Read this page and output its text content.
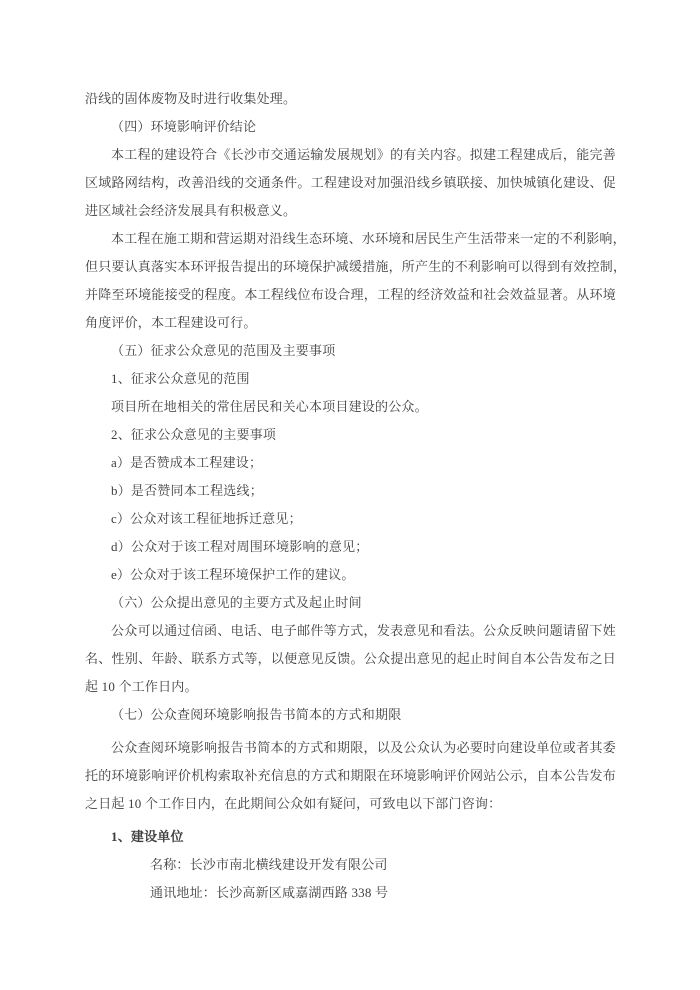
沿线的固体废物及时进行收集处理。
（四）环境影响评价结论
本工程的建设符合《长沙市交通运输发展规划》的有关内容。拟建工程建成后，能完善
区域路网结构，改善沿线的交通条件。工程建设对加强沿线乡镇联接、加快城镇化建设、促
进区域社会经济发展具有积极意义。
本工程在施工期和营运期对沿线生态环境、水环境和居民生产生活带来一定的不利影响，
但只要认真落实本环评报告提出的环境保护减缓措施，所产生的不利影响可以得到有效控制，
并降至环境能接受的程度。本工程线位布设合理，工程的经济效益和社会效益显著。从环境
角度评价，本工程建设可行。
（五）征求公众意见的范围及主要事项
1、征求公众意见的范围
项目所在地相关的常住居民和关心本项目建设的公众。
2、征求公众意见的主要事项
a）是否赞成本工程建设；
b）是否赞同本工程选线；
c）公众对该工程征地拆迁意见；
d）公众对于该工程对周围环境影响的意见；
e）公众对于该工程环境保护工作的建议。
（六）公众提出意见的主要方式及起止时间
公众可以通过信函、电话、电子邮件等方式，发表意见和看法。公众反映问题请留下姓
名、性别、年龄、联系方式等，以便意见反馈。公众提出意见的起止时间自本公告发布之日
起 10 个工作日内。
（七）公众查阅环境影响报告书简本的方式和期限
公众查阅环境影响报告书简本的方式和期限，以及公众认为必要时向建设单位或者其委
托的环境影响评价机构索取补充信息的方式和期限在环境影响评价网站公示，自本公告发布
之日起 10 个工作日内，在此期间公众如有疑问，可致电以下部门咨询：
1、建设单位
名称：长沙市南北横线建设开发有限公司
通讯地址：长沙高新区咸嘉湖西路 338 号
